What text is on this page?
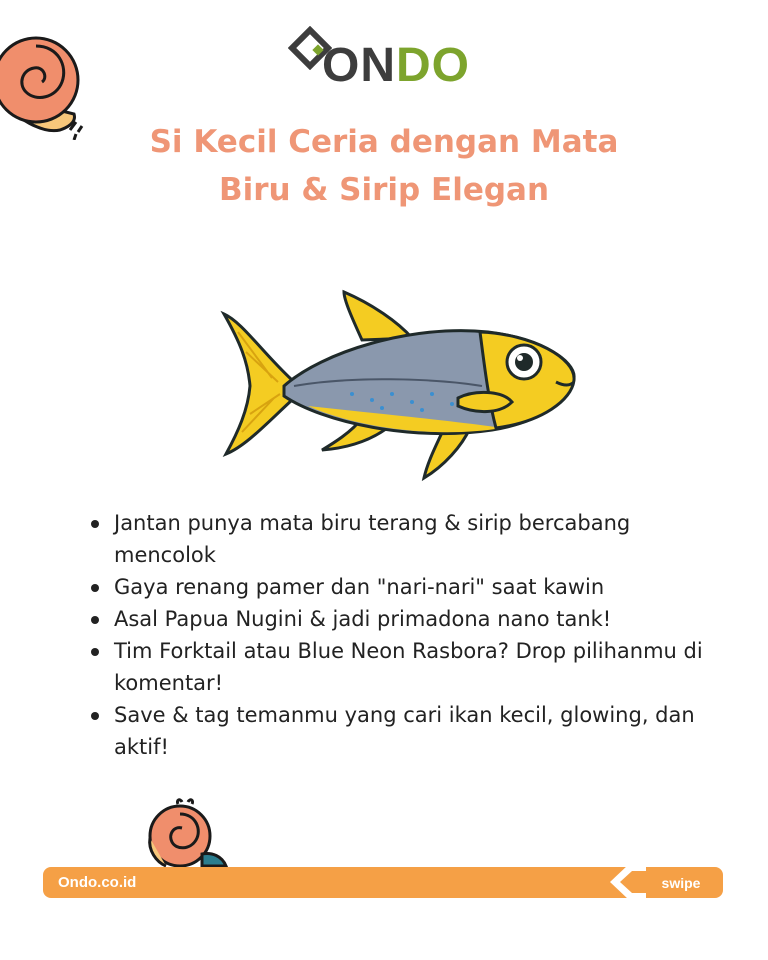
ONDO
Si Kecil Ceria dengan Mata
Biru & Sirip Elegan
Jantan punya mata biru terang & sirip bercabang mencolok
Gaya renang pamer dan "nari-nari" saat kawin
Asal Papua Nugini & jadi primadona nano tank!
Tim Forktail atau Blue Neon Rasbora? Drop pilihanmu di komentar!
Save & tag temanmu yang cari ikan kecil, glowing, dan aktif!
Ondo.co.id	swipe
